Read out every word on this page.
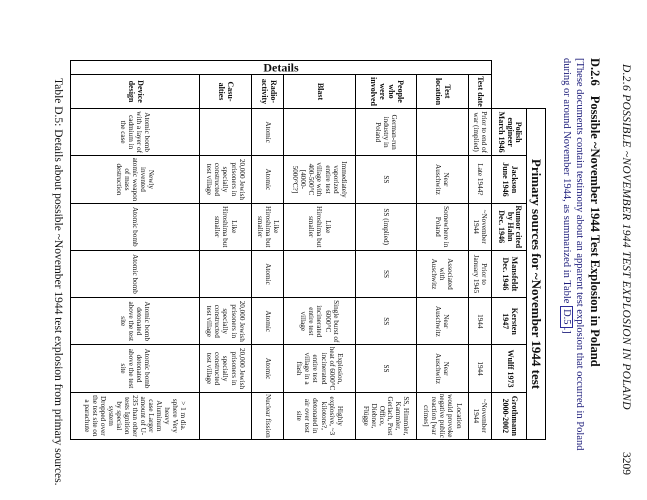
D.2.6 POSSIBLE ~NOVEMBER 1944 TEST EXPLOSION IN POLAND
3209
D.2.6Possible ~November 1944 Test Explosion in Poland
[These documents contain testimony about an apparent test explosion that occurred in Poland
during or around November 1944, as summarized in Table D.5.]
Table D.5: Details about possible ~November 1944 test explosion from primary sources.
		Primary sources for ~November 1944 test						
		Polish engineer March 1946	Jackson June 1946	Rumor cited by Hahn Dec. 1946	Mansfeldt Dec. 1946	Kersten 1947	Wulff 1973	Grothmann 2000-2002

Details	Test date	Prior to end of war (implied)	Late 1944?	~November 1944	Prior to January 1945	1944	1944	~November 1944
	Test location		Near Auschwitz	Somewhere in Poland	Associated with Auschwitz	Near Auschwitz	Near Auschwitz	Location would provoke negative public reaction [war crimes]
	People who were involved	German-run industry in Poland	SS	SS (implied)	SS	SS	SS	SS, Himmler, Kammler, Gerlach, Post Office, Diebner, Flügge
	Blast		Immediately vaporized entire test village with 400-500°C [4000-5000°C?]	Like Hiroshima but smaller		Single burst of 6000°C incinerated entire test village	Explosion, heat of 6000°C incinerated entire test village in a flash	Highly explosive, ~3 kilotons?, detonated in air over test site
	Radio-activity	Atomic	Atomic	Like Hiroshima but smaller	Atomic	Atomic	Atomic	Nuclear fission
	Casu-alties		20,000 Jewish prisoners in specially constructed test village	Like Hiroshima but smaller		20,000 Jewish prisoners in specially constructed test village	20,000 Jewish prisoners in specially constructed test village	
	Device design	Atomic bomb with a layer of cadmium in the case	Newly invented atomic weapon of mass destruction	Atomic bomb	Atomic bomb	Atomic bomb detonated above the test site	Atomic bomb detonated above the test site	> 1 m dia. sphere Very heavy Aluminum case Larger amount of U-235 than other tests Ignition by special system Dropped over the test site on a parachute
